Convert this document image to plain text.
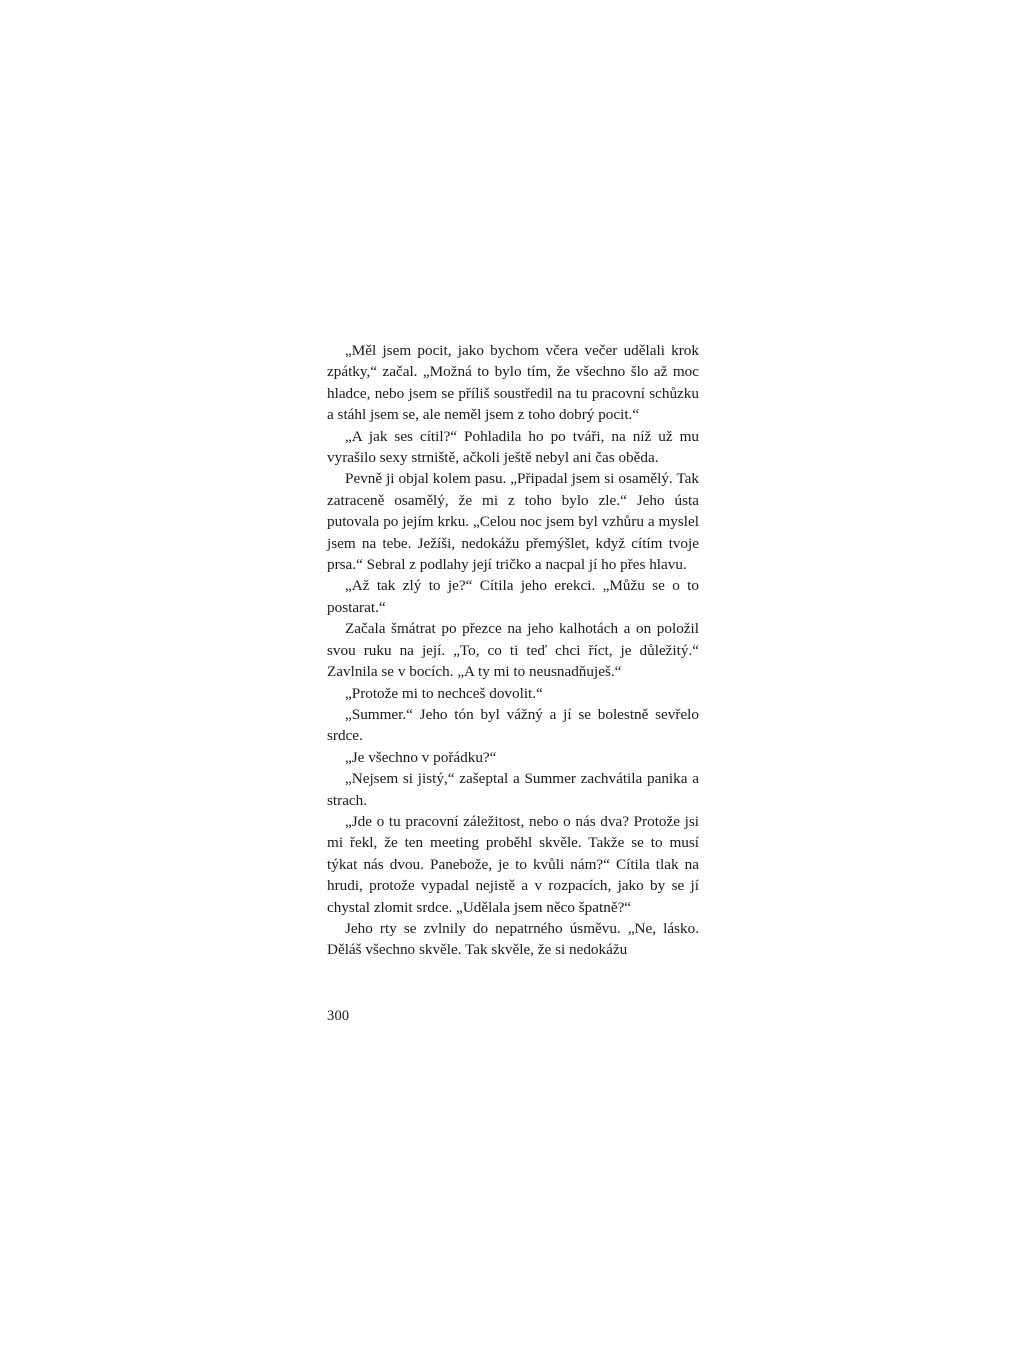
„Měl jsem pocit, jako bychom včera večer udělali krok zpátky,“ začal. „Možná to bylo tím, že všechno šlo až moc hladce, nebo jsem se příliš soustředil na tu pracovní schůzku a stáhl jsem se, ale neměl jsem z toho dobrý pocit.“

„A jak ses cítil?“ Pohladila ho po tváři, na níž už mu vyrašilo sexy strniště, ačkoli ještě nebyl ani čas oběda.

Pevně ji objal kolem pasu. „Připadal jsem si osamělý. Tak zatraceně osamělý, že mi z toho bylo zle.“ Jeho ústa putovala po jejím krku. „Celou noc jsem byl vzhůru a myslel jsem na tebe. Ježíši, nedokážu přemýšlet, když cítím tvoje prsa.“ Sebral z podlahy její tričko a nacpal jí ho přes hlavu.

„Až tak zlý to je?“ Cítila jeho erekci. „Můžu se o to postarat.“

Začala šmátrat po přezce na jeho kalhotách a on položil svou ruku na její. „To, co ti teď chci říct, je důležitý.“ Zavlnila se v bocích. „A ty mi to neusnadňuješ.“

„Protože mi to nechceš dovolit.“

„Summer.“ Jeho tón byl vážný a jí se bolestně sevřelo srdce.

„Je všechno v pořádku?“

„Nejsem si jistý,“ zašeptal a Summer zachvátila panika a strach.

„Jde o tu pracovní záležitost, nebo o nás dva? Protože jsi mi řekl, že ten meeting proběhl skvěle. Takže se to musí týkat nás dvou. Panebože, je to kvůli nám?“ Cítila tlak na hrudi, protože vypadal nejistě a v rozpacích, jako by se jí chystal zlomit srdce. „Udělala jsem něco špatně?“

Jeho rty se zvlnily do nepatrného úsměvu. „Ne, lásko. Děláš všechno skvěle. Tak skvěle, že si nedokážu

300
